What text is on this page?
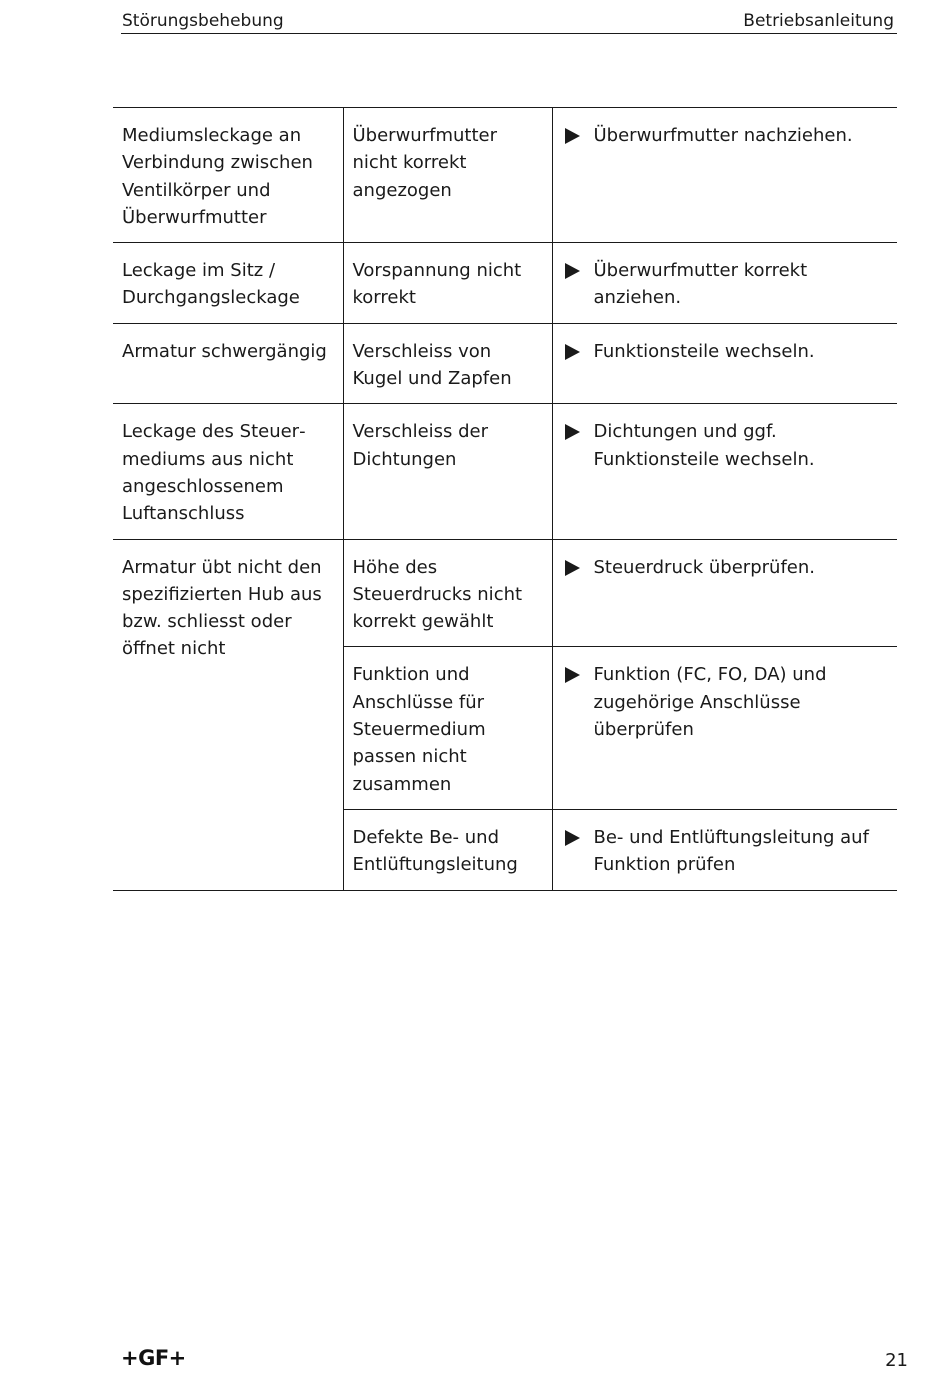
Störungsbehebung	Betriebsanleitung
Mediumsleckage an Verbindung zwischen Ventilkörper und Überwurfmutter	Überwurfmutter nicht korrekt angezogen	Überwurfmutter nachziehen.

Leckage im Sitz / Durchgangsleckage	Vorspannung nicht korrekt	Überwurfmutter korrekt anziehen.

Armatur schwergängig	Verschleiss von Kugel und Zapfen	Funktionsteile wechseln.

Leckage des Steuermediums aus nicht angeschlossenem Luftanschluss	Verschleiss der Dichtungen	Dichtungen und ggf. Funktionsteile wechseln.

Armatur übt nicht den spezifizierten Hub aus bzw. schliesst oder öffnet nicht	Höhe des Steuerdrucks nicht korrekt gewählt	Steuerdruck überprüfen.

	Funktion und Anschlüsse für Steuermedium passen nicht zusammen	Funktion (FC, FO, DA) und zugehörige Anschlüsse überprüfen

	Defekte Be- und Entlüftungsleitung	Be- und Entlüftungsleitung auf Funktion prüfen
+GF+	21
